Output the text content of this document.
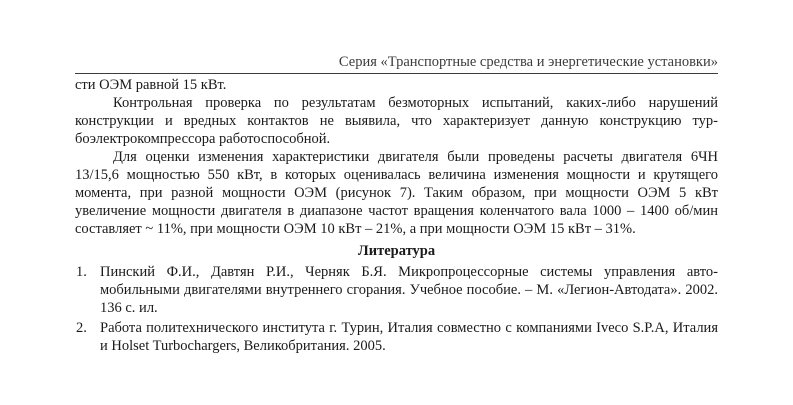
Серия «Транспортные средства и энергетические установки»

сти ОЭМ равной 15 кВт.

Контрольная проверка по результатам безмоторных испытаний, каких-либо нарушений конструкции и вредных контактов не выявила, что характеризует данную конструкцию турбоэлектрокомпрессора работоспособной.

Для оценки изменения характеристики двигателя были проведены расчеты двигателя 6ЧН 13/15,6 мощностью 550 кВт, в которых оценивалась величина изменения мощности и крутящего момента, при разной мощности ОЭМ (рисунок 7). Таким образом, при мощности ОЭМ 5 кВт увеличение мощности двигателя в диапазоне частот вращения коленчатого вала 1000 – 1400 об/мин составляет ~ 11%, при мощности ОЭМ 10 кВт – 21%, а при мощности ОЭМ 15 кВт – 31%.

Литература
1. Пинский Ф.И., Давтян Р.И., Черняк Б.Я. Микропроцессорные системы управления автомобильными двигателями внутреннего сгорания. Учебное пособие. – М. «Легион-Автодата». 2002. 136 с. ил.
2. Работа политехнического института г. Турин, Италия совместно с компаниями Iveco S.P.A, Италия и Holset Turbochargers, Великобритания. 2005.
